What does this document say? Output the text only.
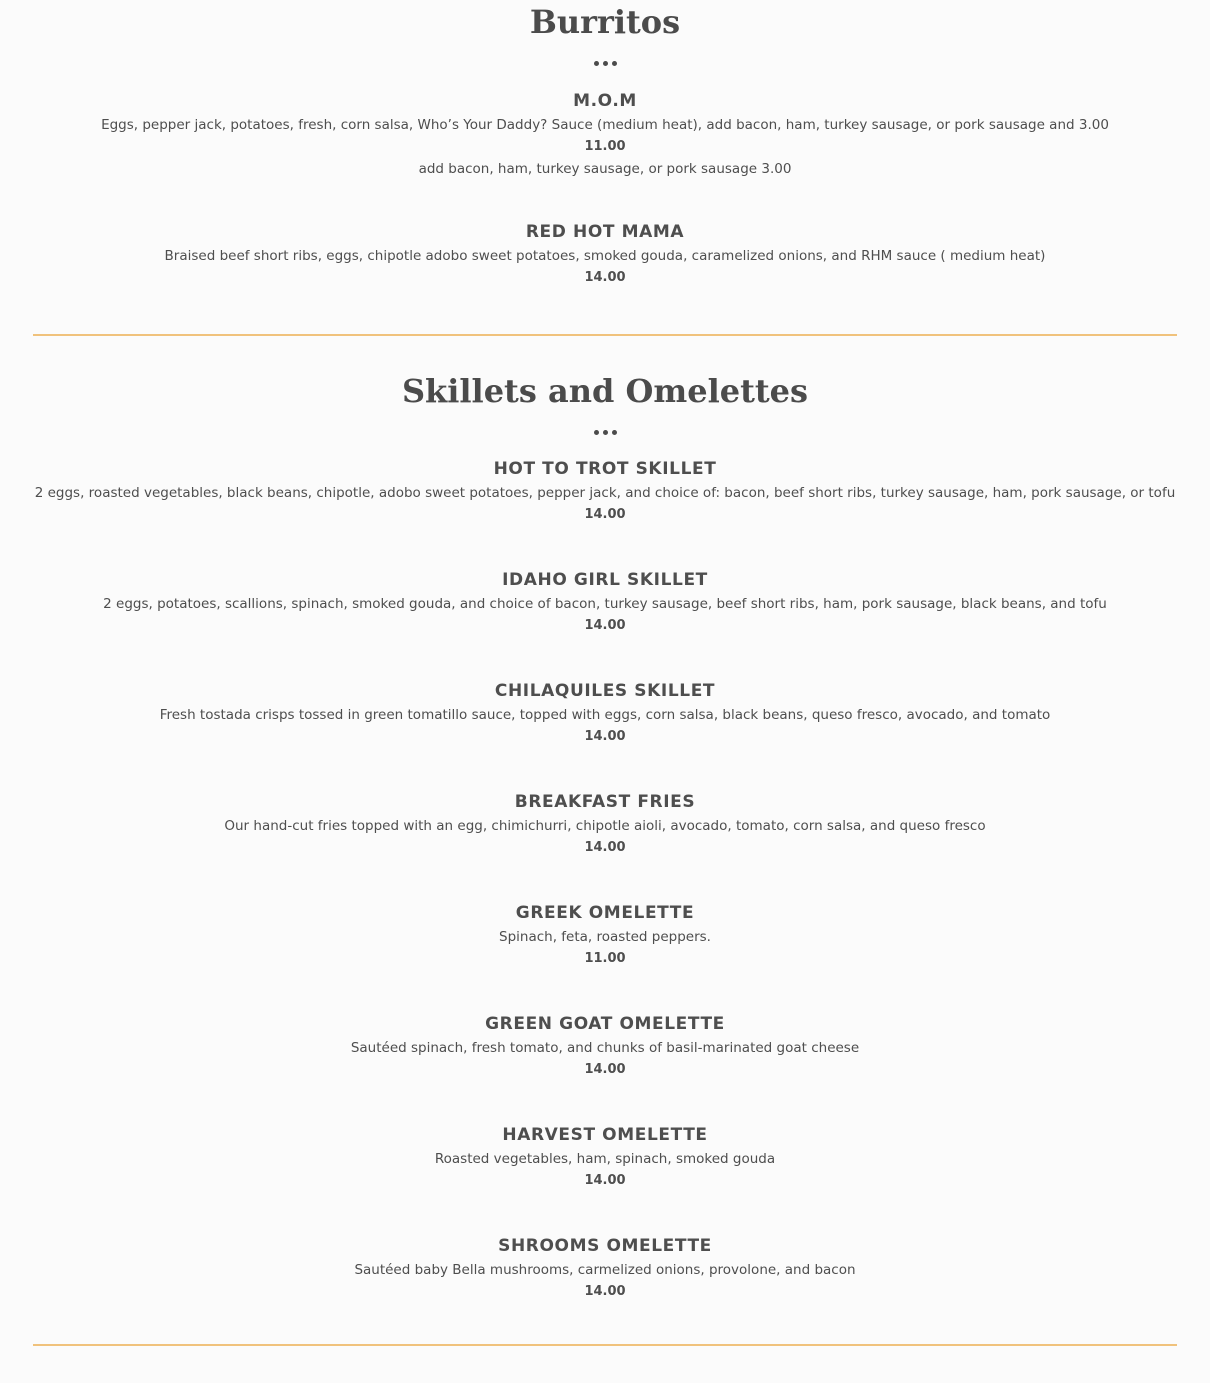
Burritos

M.O.M

Eggs, pepper jack, potatoes, fresh, corn salsa, Who’s Your Daddy? Sauce (medium heat), add bacon, ham, turkey sausage, or pork sausage and 3.00

11.00

add bacon, ham, turkey sausage, or pork sausage 3.00

RED HOT MAMA

Braised beef short ribs, eggs, chipotle adobo sweet potatoes, smoked gouda, caramelized onions, and RHM sauce ( medium heat)

14.00

Skillets and Omelettes

HOT TO TROT SKILLET

2 eggs, roasted vegetables, black beans, chipotle, adobo sweet potatoes, pepper jack, and choice of: bacon, beef short ribs, turkey sausage, ham, pork sausage, or tofu

14.00

IDAHO GIRL SKILLET

2 eggs, potatoes, scallions, spinach, smoked gouda, and choice of bacon, turkey sausage, beef short ribs, ham, pork sausage, black beans, and tofu

14.00

CHILAQUILES SKILLET

Fresh tostada crisps tossed in green tomatillo sauce, topped with eggs, corn salsa, black beans, queso fresco, avocado, and tomato

14.00

BREAKFAST FRIES

Our hand-cut fries topped with an egg, chimichurri, chipotle aioli, avocado, tomato, corn salsa, and queso fresco

14.00

GREEK OMELETTE

Spinach, feta, roasted peppers.

11.00

GREEN GOAT OMELETTE

Sautéed spinach, fresh tomato, and chunks of basil-marinated goat cheese

14.00

HARVEST OMELETTE

Roasted vegetables, ham, spinach, smoked gouda

14.00

SHROOMS OMELETTE

Sautéed baby Bella mushrooms, carmelized onions, provolone, and bacon

14.00
